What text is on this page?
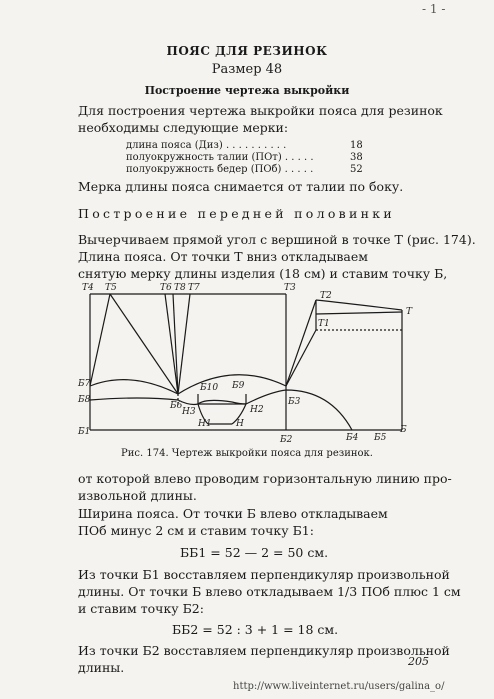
- 1 -
ПОЯС ДЛЯ РЕЗИНОК
Размер 48
Построение чертежа выкройки
Для построения чертежа выкройки пояса для резинок
необходимы следующие мерки:
длина пояса (Диз) . . . . . . . . . .	18
полуокружность талии (ПОт) . . . . .	38
полуокружность бедер (ПОб) . . . . .	52
Мерка длины пояса снимается от талии по боку.
Построение передней половинки
Вычерчиваем прямой угол с вершиной в точке Т (рис. 174).
Длина пояса. От точки Т вниз откладываем
снятую мерку длины изделия (18 см) и ставим точку Б,
Т4 Т5	Т6 Т8 Т7	Т3
Т2
Т1
Т
Б7
Б8
Б1
Б6
Б10 Б9
Н3
Н1
Н2
Н
Б3
Б2	Б4 Б5
Б
Рис. 174. Чертеж выкройки пояса для резинок.
от которой влево проводим горизонтальную линию про-
извольной длины.
Ширина пояса. От точки Б влево откладываем
ПОб минус 2 см и ставим точку Б1:
ББ1 = 52 — 2 = 50 см.
Из точки Б1 восставляем перпендикуляр произвольной
длины. От точки Б влево откладываем 1/3 ПОб плюс 1 см
и ставим точку Б2:
ББ2 = 52 : 3 + 1 = 18 см.
Из точки Б2 восставляем перпендикуляр произвольной
длины.	205
http://www.liveinternet.ru/users/galina_o/
